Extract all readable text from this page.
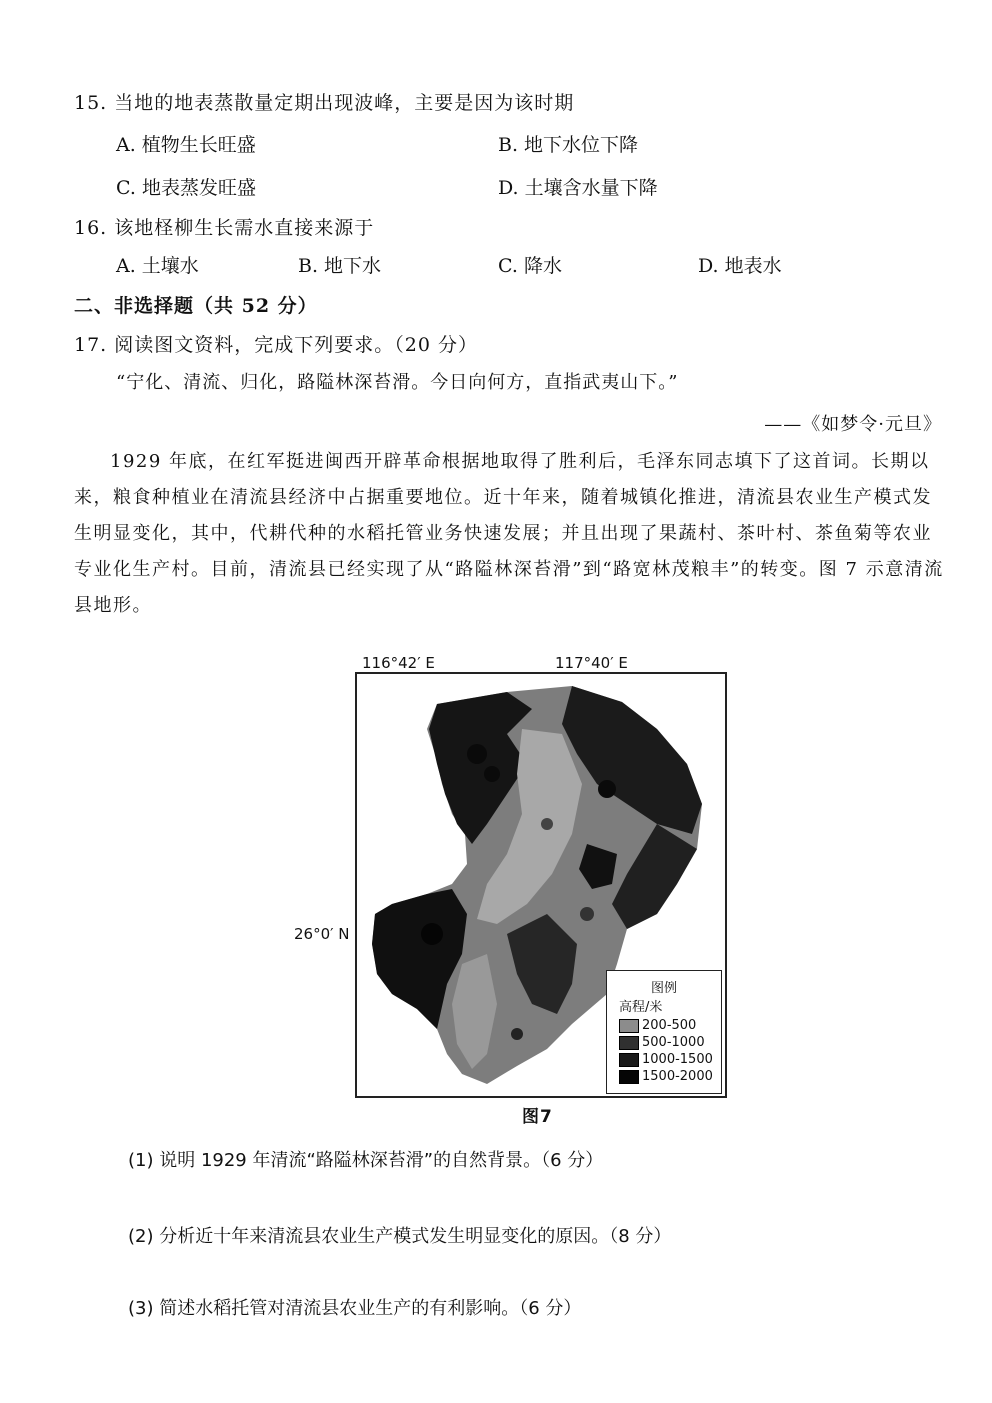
15. 当地的地表蒸散量定期出现波峰，主要是因为该时期
A. 植物生长旺盛	B. 地下水位下降
C. 地表蒸发旺盛	D. 土壤含水量下降
16. 该地柽柳生长需水直接来源于
A. 土壤水	B. 地下水	C. 降水	D. 地表水
二、非选择题（共 52 分）
17. 阅读图文资料，完成下列要求。（20 分）
“宁化、清流、归化，路隘林深苔滑。今日向何方，直指武夷山下。”
——《如梦令·元旦》
1929 年底，在红军挺进闽西开辟革命根据地取得了胜利后，毛泽东同志填下了这首词。长期以来，粮食种植业在清流县经济中占据重要地位。近十年来，随着城镇化推进，清流县农业生产模式发生明显变化，其中，代耕代种的水稻托管业务快速发展；并且出现了果蔬村、茶叶村、茶鱼菊等农业专业化生产村。目前，清流县已经实现了从“路隘林深苔滑”到“路宽林茂粮丰”的转变。图 7 示意清流县地形。
116°42′ E	117°40′ E
26°0′ N
图例
高程/米
200-500
500-1000
1000-1500
1500-2000
图7
(1) 说明 1929 年清流“路隘林深苔滑”的自然背景。（6 分）
(2) 分析近十年来清流县农业生产模式发生明显变化的原因。（8 分）
(3) 简述水稻托管对清流县农业生产的有利影响。（6 分）
